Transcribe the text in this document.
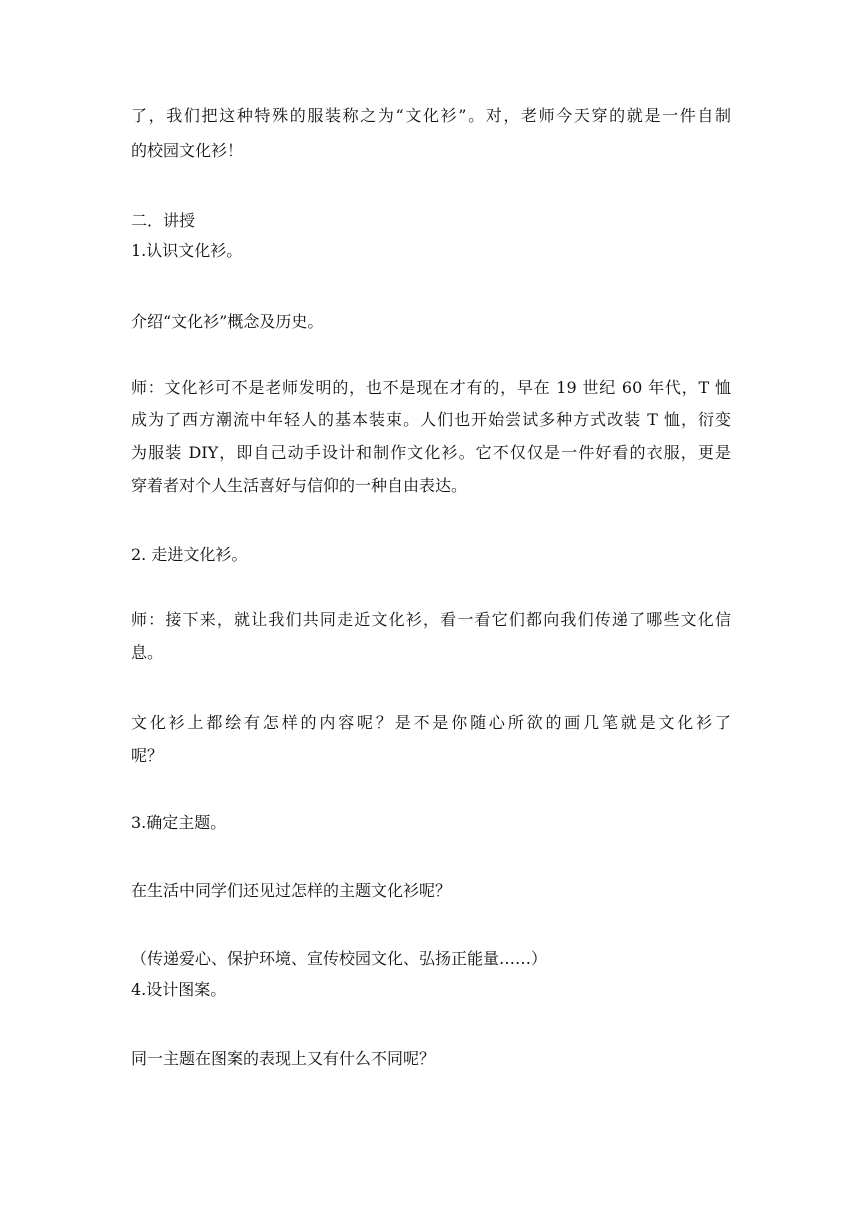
了，我们把这种特殊的服装称之为“文化衫”。对，老师今天穿的就是一件自制

的校园文化衫！

二．讲授

1.认识文化衫。

介绍“文化衫”概念及历史。

师：文化衫可不是老师发明的，也不是现在才有的，早在 19 世纪 60 年代，T 恤

成为了西方潮流中年轻人的基本装束。人们也开始尝试多种方式改装 T 恤，衍变

为服装 DIY，即自己动手设计和制作文化衫。它不仅仅是一件好看的衣服，更是

穿着者对个人生活喜好与信仰的一种自由表达。

2. 走进文化衫。

师：接下来，就让我们共同走近文化衫，看一看它们都向我们传递了哪些文化信

息。

文化衫上都绘有怎样的内容呢？是不是你随心所欲的画几笔就是文化衫了

呢？

3.确定主题。

在生活中同学们还见过怎样的主题文化衫呢？

（传递爱心、保护环境、宣传校园文化、弘扬正能量……）

4.设计图案。

同一主题在图案的表现上又有什么不同呢？
